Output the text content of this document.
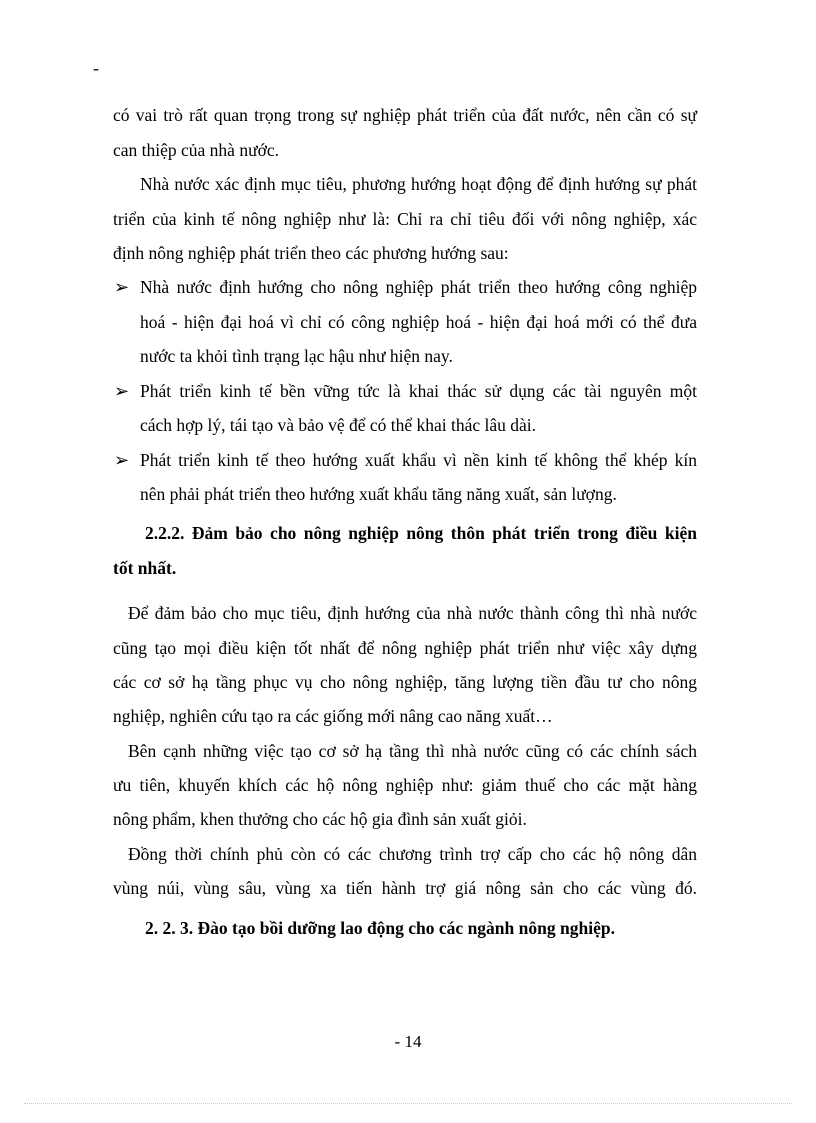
-
có vai trò rất quan trọng trong sự nghiệp phát triển của đất nước, nên cần có sự
can thiệp của nhà nước.
Nhà nước xác định mục tiêu, phương hướng hoạt động để định hướng sự phát
triển của kinh tế nông nghiệp như là: Chỉ ra chỉ tiêu đối với nông nghiệp, xác
định nông nghiệp phát triển theo các phương hướng sau:
Nhà nước định hướng cho nông nghiệp phát triển theo hướng công nghiệp
➢
hoá - hiện đại hoá vì chỉ có công nghiệp hoá - hiện đại hoá mới có thể đưa
nước ta khỏi tình trạng lạc hậu như hiện nay.
Phát triển kinh tế bền vững tức là khai thác sử dụng các tài nguyên một
➢
cách hợp lý, tái tạo và bảo vệ để có thể khai thác lâu dài.
Phát triển kinh tế theo hướng xuất khẩu vì nền kinh tế không thể khép kín
➢
nên phải phát triển theo hướng xuất khẩu tăng năng xuất, sản lượng.
2.2.2. Đảm bảo cho nông nghiệp nông thôn phát triển trong điều kiện
tốt nhất.
Để đảm bảo cho mục tiêu, định hướng của nhà nước thành công thì nhà nước
cũng tạo mọi điều kiện tốt nhất để nông nghiệp phát triển như việc xây dựng
các cơ sở hạ tầng phục vụ cho nông nghiệp, tăng lượng tiền đầu tư cho nông
nghiệp, nghiên cứu tạo ra các giống mới nâng cao năng xuất…
Bên cạnh những việc tạo cơ sở hạ tầng thì nhà nước cũng có các chính sách
ưu tiên, khuyến khích các hộ nông nghiệp như: giảm thuế cho các mặt hàng
nông phẩm, khen thưởng cho các hộ gia đình sản xuất giỏi.
Đồng thời chính phủ còn có các chương trình trợ cấp cho các hộ nông dân
vùng núi, vùng sâu, vùng xa tiến hành trợ giá nông sản cho các vùng đó.
2. 2. 3. Đào tạo bồi dưỡng lao động cho các ngành nông nghiệp.
- 14
